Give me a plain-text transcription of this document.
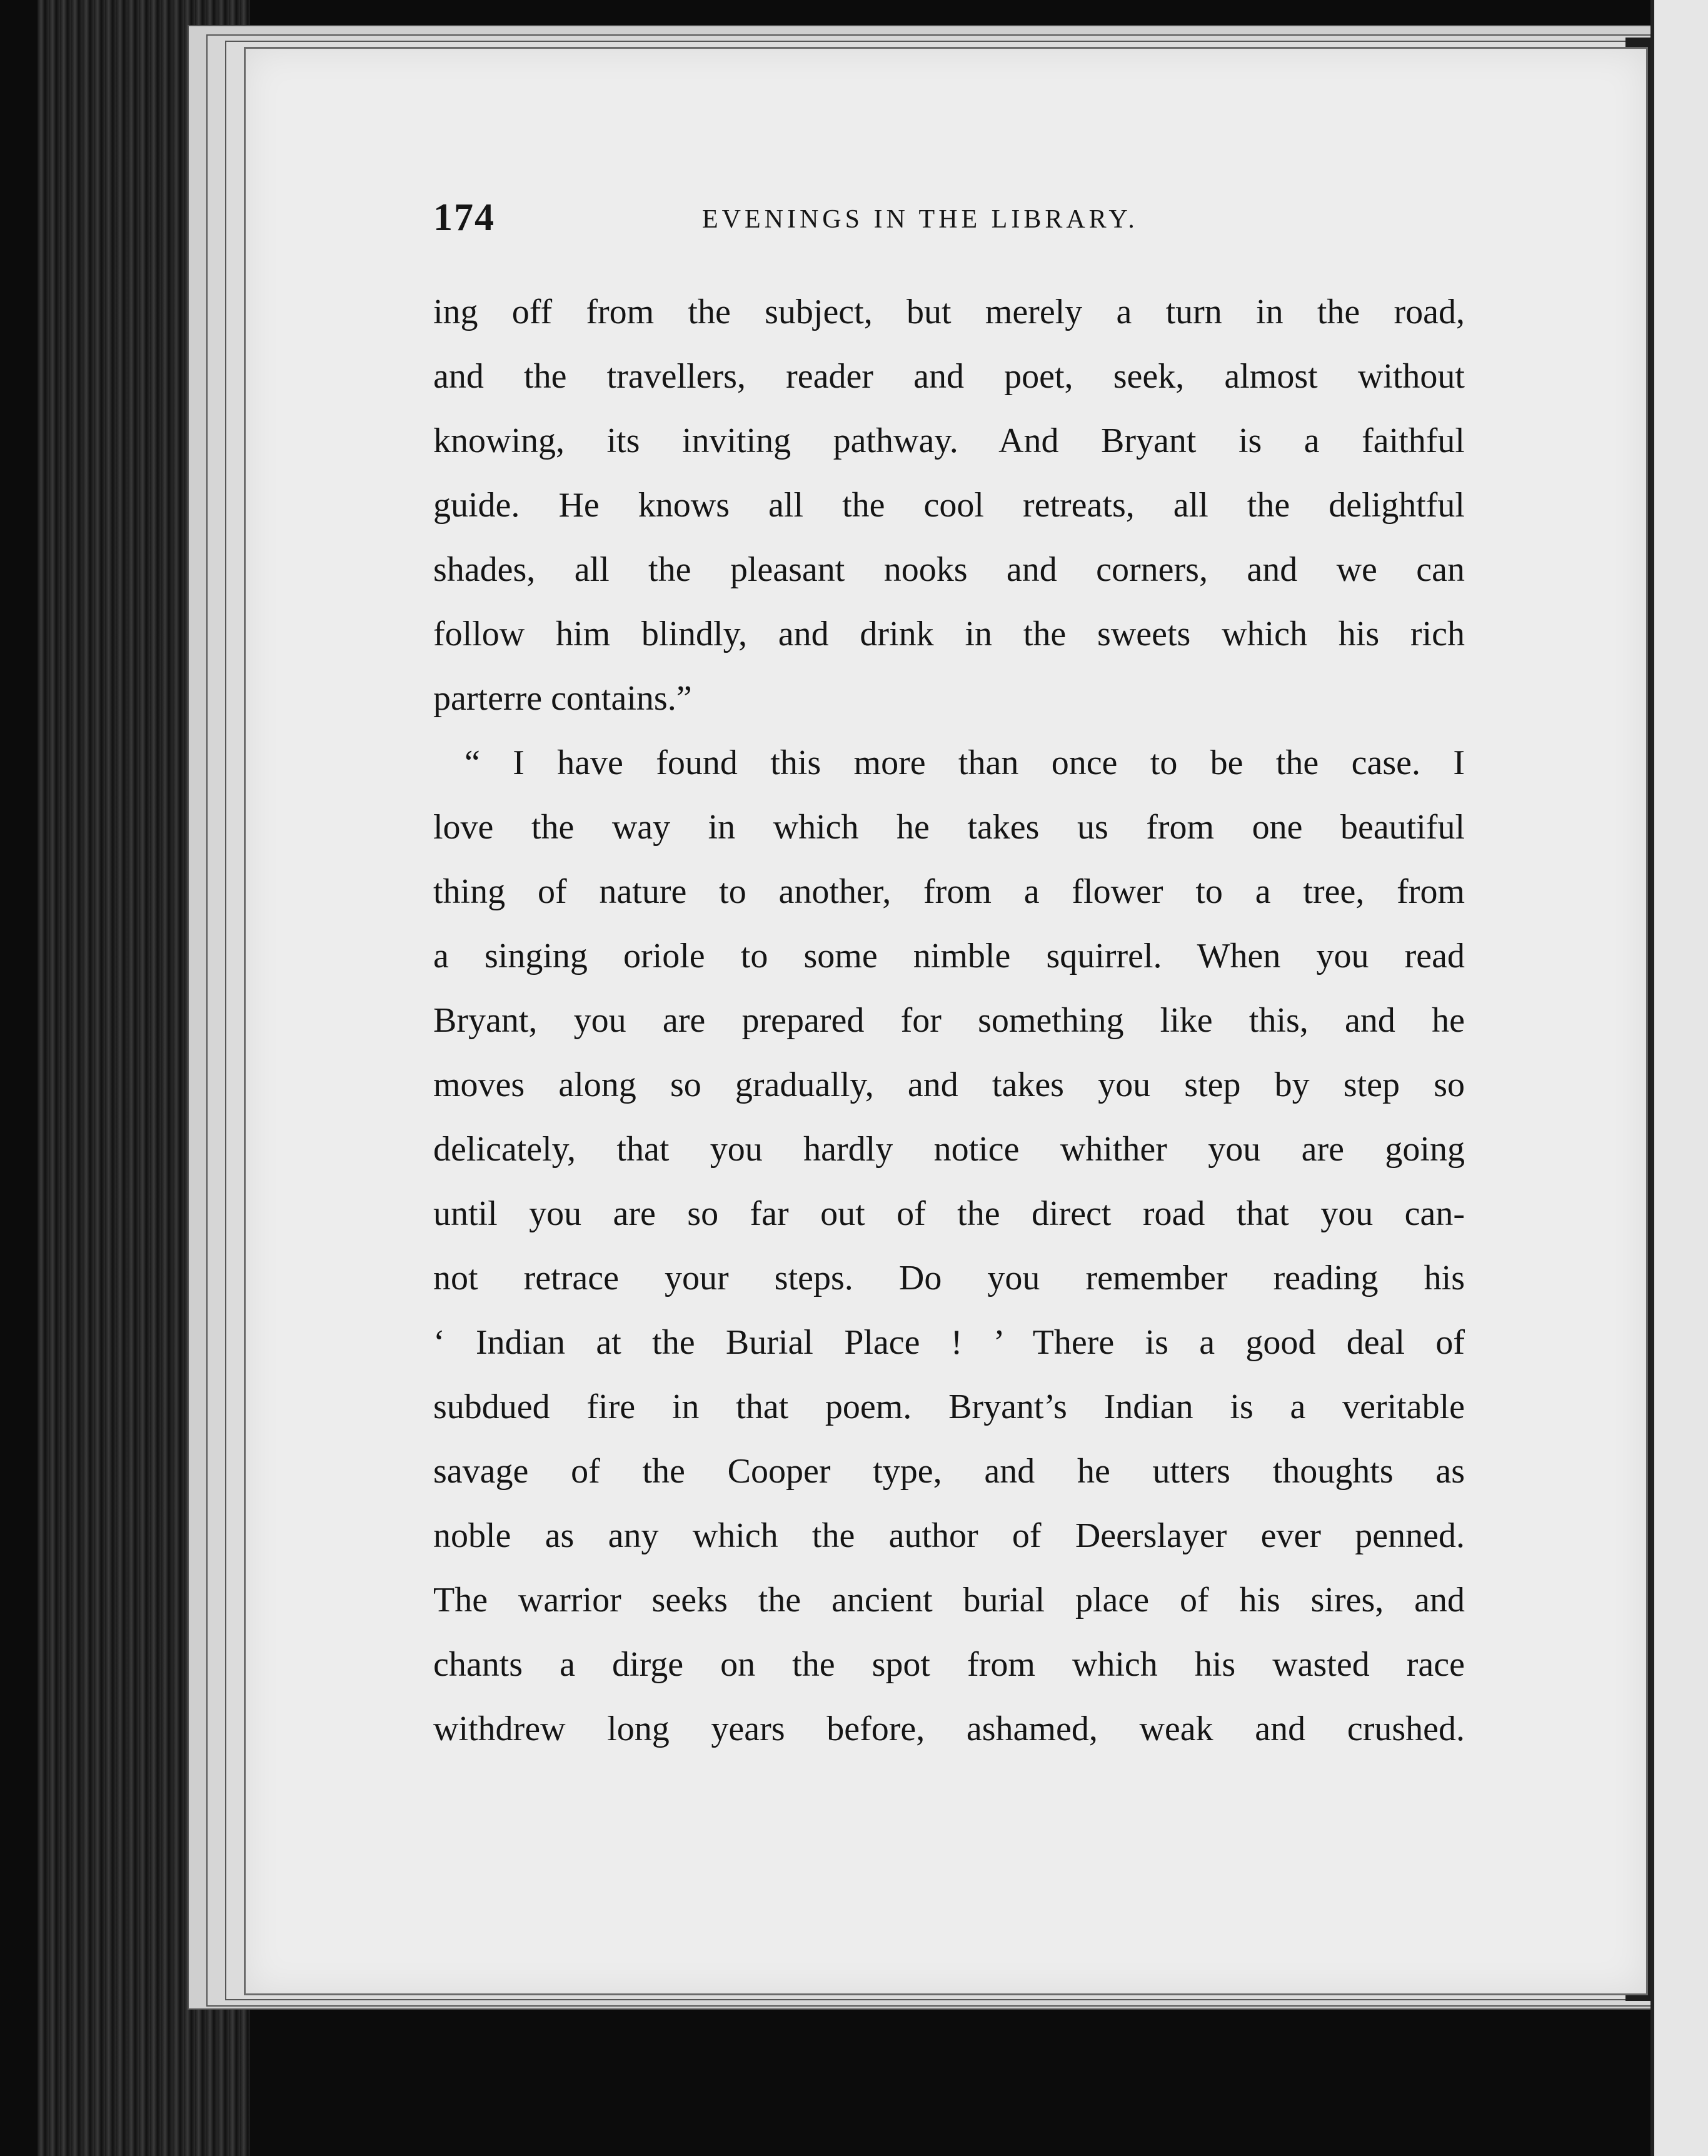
174	EVENINGS IN THE LIBRARY.
ing off from the subject, but merely a turn in the road,
and the travellers, reader and poet, seek, almost without
knowing, its inviting pathway. And Bryant is a faithful
guide. He knows all the cool retreats, all the delightful
shades, all the pleasant nooks and corners, and we can
follow him blindly, and drink in the sweets which his rich
parterre contains.”
“ I have found this more than once to be the case. I
love the way in which he takes us from one beautiful
thing of nature to another, from a flower to a tree, from
a singing oriole to some nimble squirrel. When you read
Bryant, you are prepared for something like this, and he
moves along so gradually, and takes you step by step so
delicately, that you hardly notice whither you are going
until you are so far out of the direct road that you can-
not retrace your steps. Do you remember reading his
‘ Indian at the Burial Place ! ’ There is a good deal of
subdued fire in that poem. Bryant’s Indian is a veritable
savage of the Cooper type, and he utters thoughts as
noble as any which the author of Deerslayer ever penned.
The warrior seeks the ancient burial place of his sires, and
chants a dirge on the spot from which his wasted race
withdrew long years before, ashamed, weak and crushed.
